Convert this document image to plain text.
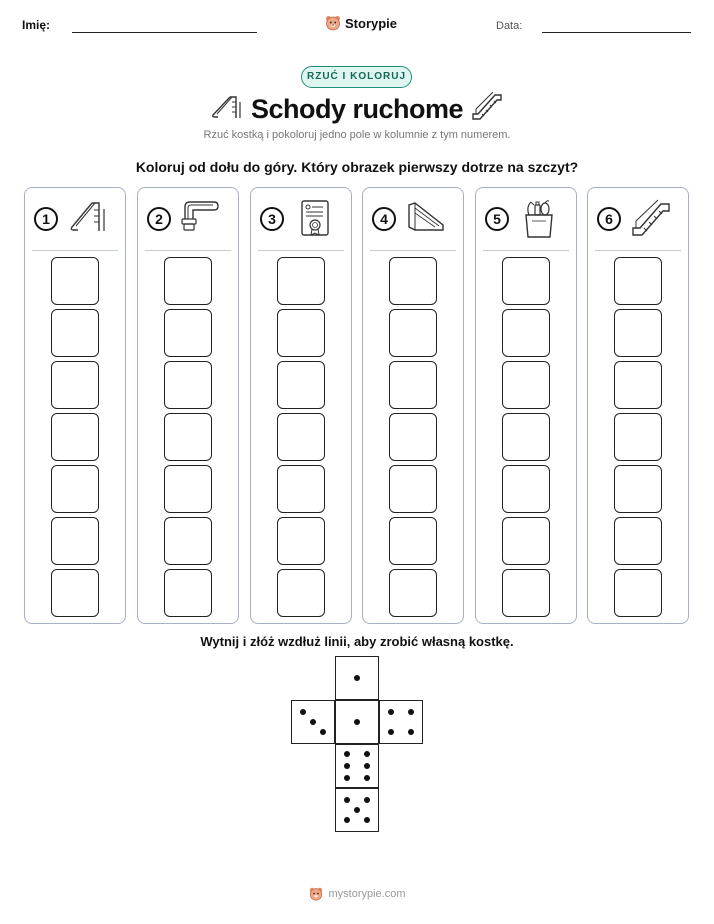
Imię:	Storypie	Data:
RZUĆ I KOLORUJ
Schody ruchome
Rzuć kostką i pokoloruj jedno pole w kolumnie z tym numerem.
Koloruj od dołu do góry. Który obrazek pierwszy dotrze na szczyt?
1	2	3	4	5	6
Wytnij i złóż wzdłuż linii, aby zrobić własną kostkę.
mystorypie.com
